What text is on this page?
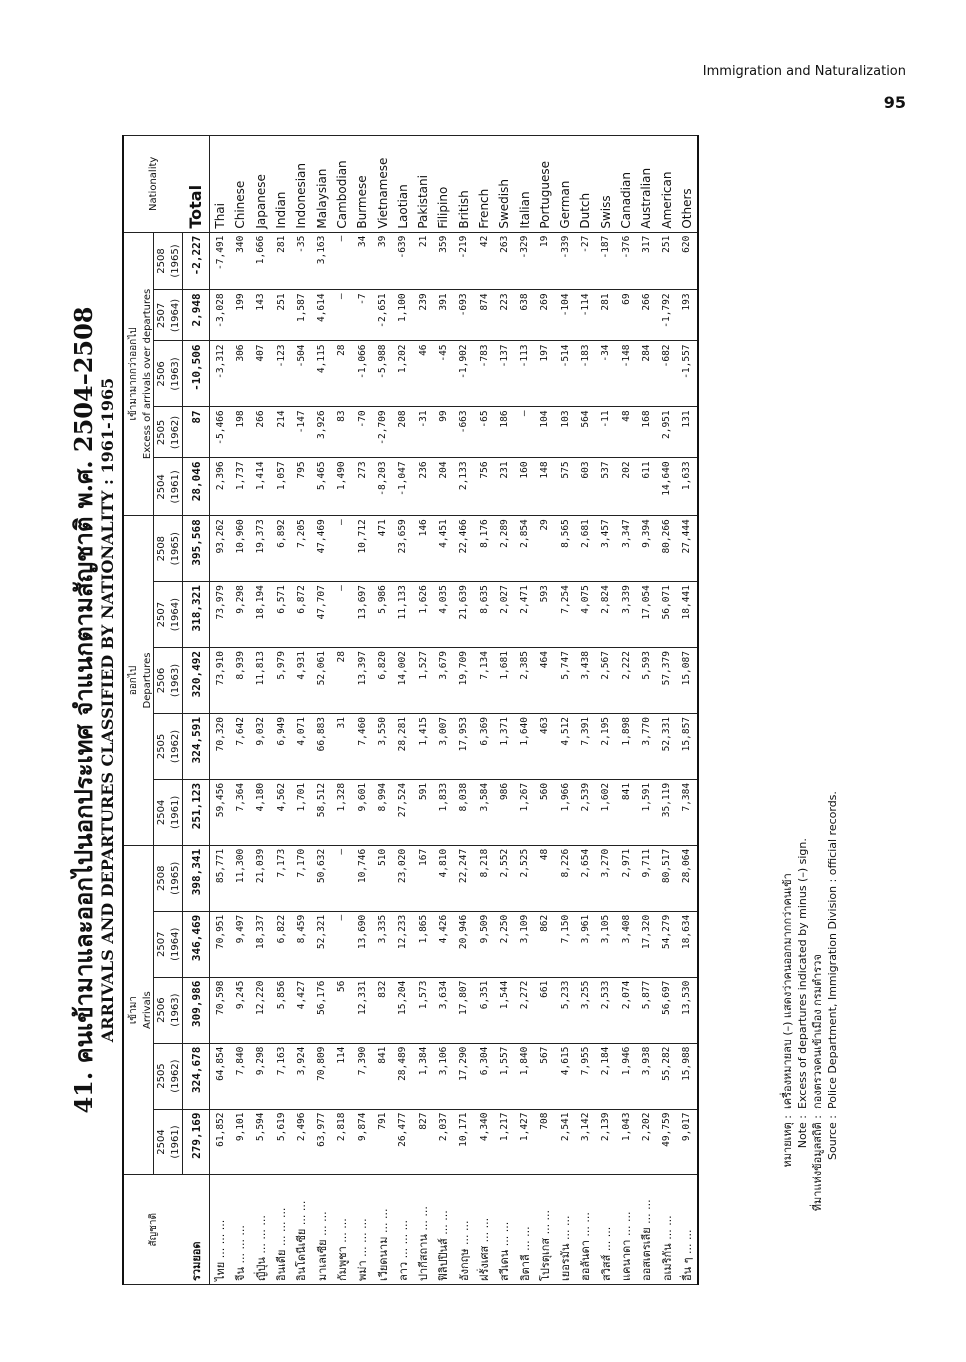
Immigration and Naturalization
95
41. คนเข้ามาและออกไปนอกประเทศ จำแนกตามสัญชาติ พ.ศ. 2504–2508 ARRIVALS AND DEPARTURES CLASSIFIED BY NATIONALITY : 1961-1965
สัญชาติ	เข้ามา					ออกไป					เข้ามามากกว่าออกไป					Nationality
	Arrivals					Departures					Excess of arrivals over departures					
	2504	2505	2506	2507	2508	2504	2505	2506	2507	2508	2504	2505	2506	2507	2508	
	(1961)	(1962)	(1963)	(1964)	(1965)	(1961)	(1962)	(1963)	(1964)	(1965)	(1961)	(1962)	(1963)	(1964)	(1965)	
รวมยอด	279,169	324,678	309,986	346,469	398,341	251,123	324,591	320,492	318,321	395,568	28,046	87	-10,506	2,948	-2,227	Total
ไทย ... ... ...	61,852	64,854	70,598	70,951	85,771	59,456	70,320	73,910	73,979	93,262	2,396	-5,466	-3,312	-3,028	-7,491	Thai
จีน ... ... ...	9,101	7,840	9,245	9,497	11,300	7,364	7,642	8,939	9,298	10,960	1,737	198	306	199	340	Chinese
ญี่ปุ่น ... ... ...	5,594	9,298	12,220	18,337	21,039	4,180	9,032	11,813	18,194	19,373	1,414	266	407	143	1,666	Japanese
อินเดีย ... ... ...	5,619	7,163	5,856	6,822	7,173	4,562	6,949	5,979	6,571	6,892	1,057	214	-123	251	281	Indian
อินโดนีเซีย ... ...	2,496	3,924	4,427	8,459	7,170	1,701	4,071	4,931	6,872	7,205	795	-147	-504	1,587	-35	Indonesian
มาเลเซีย ... ...	63,977	70,809	56,176	52,321	50,632	58,512	66,883	52,061	47,707	47,469	5,465	3,926	4,115	4,614	3,163	Malaysian
กัมพูชา ... ...	2,818	114	56	—	—	1,328	31	28	—	—	1,490	83	28	—	—	Cambodian
พม่า ... ... ...	9,874	7,390	12,331	13,690	10,746	9,601	7,460	13,397	13,697	10,712	273	-70	-1,066	-7	34	Burmese
เวียดนาม ... ...	791	841	832	3,335	510	8,994	3,550	6,820	5,986	471	-8,203	-2,709	-5,988	-2,651	39	Vietnamese
ลาว ... ... ...	26,477	28,489	15,204	12,233	23,020	27,524	28,281	14,002	11,133	23,659	-1,047	208	1,202	1,100	-639	Laotian
ปากีสถาน ... ...	827	1,384	1,573	1,865	167	591	1,415	1,527	1,626	146	236	-31	46	239	21	Pakistani
ฟิลิปปินส์ ... ...	2,037	3,106	3,634	4,426	4,810	1,833	3,007	3,679	4,035	4,451	204	99	-45	391	359	Filipino
อังกฤษ ... ...	10,171	17,290	17,807	20,946	22,247	8,038	17,953	19,709	21,639	22,466	2,133	-663	-1,902	-693	-219	British
ฝรั่งเศส ... ...	4,340	6,304	6,351	9,509	8,218	3,584	6,369	7,134	8,635	8,176	756	-65	-783	874	42	French
สวีเดน ... ...	1,217	1,557	1,544	2,250	2,552	986	1,371	1,681	2,027	2,289	231	186	-137	223	263	Swedish
อิตาลี ... ...	1,427	1,840	2,272	3,109	2,525	1,267	1,640	2,385	2,471	2,854	160	—	-113	638	-329	Italian
โปรตุเกส ... ...	708	567	661	862	48	560	463	464	593	29	148	104	197	269	19	Portuguese
เยอรมัน ... ...	2,541	4,615	5,233	7,150	8,226	1,966	4,512	5,747	7,254	8,565	575	103	-514	-104	-339	German
ฮอลันดา ... ...	3,142	7,955	3,255	3,961	2,654	2,539	7,391	3,438	4,075	2,681	603	564	-183	-114	-27	Dutch
สวิสส์ ... ...	2,139	2,184	2,533	3,105	3,270	1,602	2,195	2,567	2,824	3,457	537	-11	-34	281	-187	Swiss
แคนาดา ... ...	1,043	1,946	2,074	3,408	2,971	841	1,898	2,222	3,339	3,347	202	48	-148	69	-376	Canadian
ออสเตรเลีย ... ...	2,202	3,938	5,877	17,320	9,711	1,591	3,770	5,593	17,054	9,394	611	168	284	266	317	Australian
อเมริกัน ... ...	49,759	55,282	56,697	54,279	80,517	35,119	52,331	57,379	56,071	80,266	14,640	2,951	-682	-1,792	251	American
อื่น ๆ ... ...	9,017	15,988	13,530	18,634	28,064	7,384	15,857	15,087	18,441	27,444	1,633	131	-1,557	193	620	Others
หมายเหตุ :เครื่องหมายลบ (–) แสดงว่าคนออกมากกว่าคนเข้า
Note :Excess of departures indicated by minus (–) sign.
ที่มาแห่งข้อมูลสถิติ :กองตรวจคนเข้าเมือง กรมตำรวจ
Source :Police Department, Immigration Division : official records.
